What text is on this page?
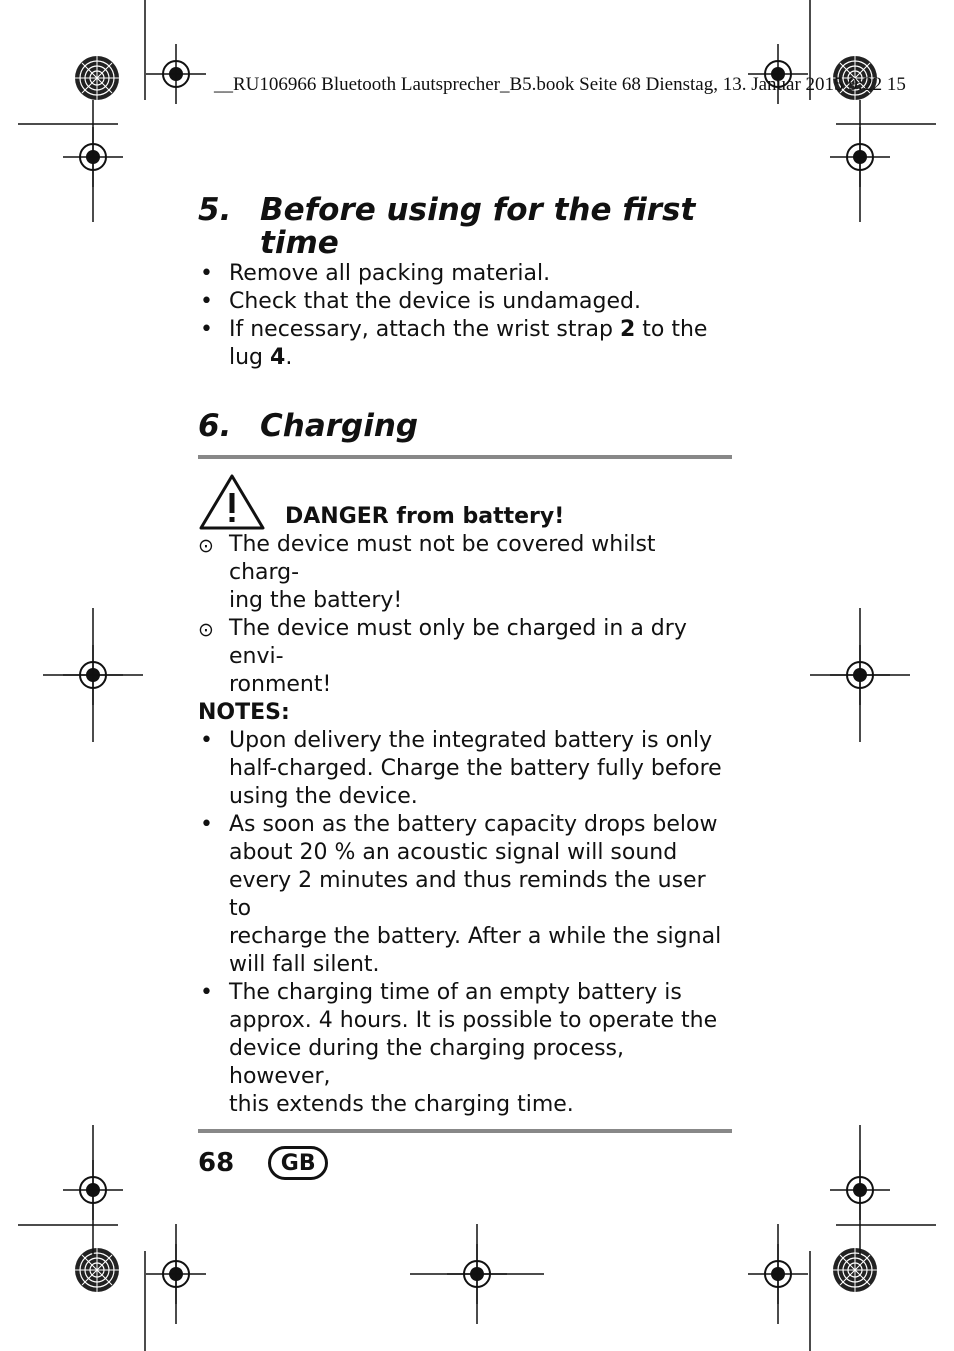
__RU106966 Bluetooth Lautsprecher_B5.book Seite 68 Dienstag, 13. Januar 2015 9:22 15
5. Before using for the first
time
• Remove all packing material.
• Check that the device is undamaged.
• If necessary, attach the wrist strap 2 to the
lug 4.
6. Charging
DANGER from battery!
⊙ The device must not be covered whilst charg-
ing the battery!
⊙ The device must only be charged in a dry envi-
ronment!
NOTES:
• Upon delivery the integrated battery is only
half-charged. Charge the battery fully before
using the device.
• As soon as the battery capacity drops below
about 20 % an acoustic signal will sound
every 2 minutes and thus reminds the user to
recharge the battery. After a while the signal
will fall silent.
• The charging time of an empty battery is
approx. 4 hours. It is possible to operate the
device during the charging process, however,
this extends the charging time.
68	GB
